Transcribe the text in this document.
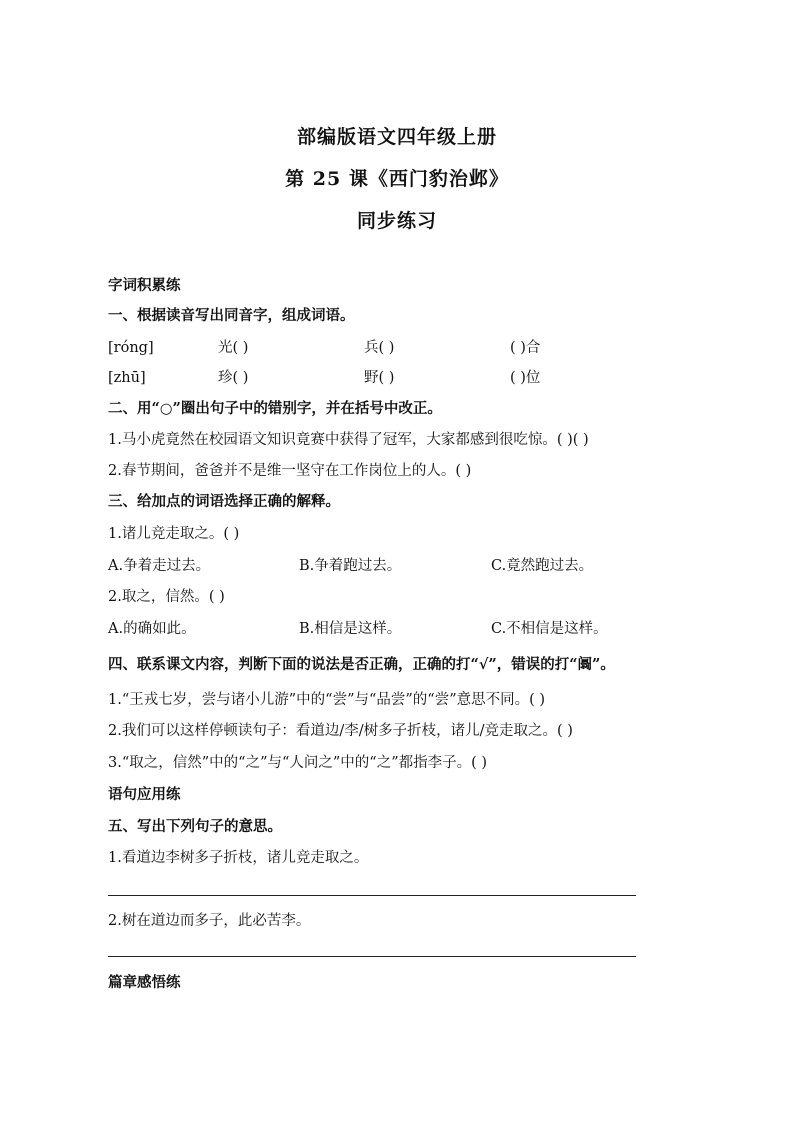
部编版语文四年级上册
第 25 课《西门豹治邺》
同步练习
字词积累练
一、根据读音写出同音字，组成词语。
[róng]	光( )	兵( )	( )合
[zhū]	珍( )	野( )	( )位
二、用“○”圈出句子中的错别字，并在括号中改正。
1.马小虎竟然在校园语文知识竟赛中获得了冠军，大家都感到很吃惊。( )( )
2.春节期间，爸爸并不是维一坚守在工作岗位上的人。( )
三、给加点的词语选择正确的解释。
1.诸儿竞走取之。( )
A.争着走过去。	B.争着跑过去。	C.竟然跑过去。
2.取之，信然。( )
A.的确如此。	B.相信是这样。	C.不相信是这样。
四、联系课文内容，判断下面的说法是否正确，正确的打“√”，错误的打“阘”。
1.“王戎七岁，尝与诸小儿游”中的“尝”与“品尝”的“尝”意思不同。( )
2.我们可以这样停顿读句子：看道边/李/树多子折枝，诸儿/竞走取之。( )
3.“取之，信然”中的“之”与“人问之”中的“之”都指李子。( )
语句应用练
五、写出下列句子的意思。
1.看道边李树多子折枝，诸儿竞走取之。
2.树在道边而多子，此必苦李。
篇章感悟练
